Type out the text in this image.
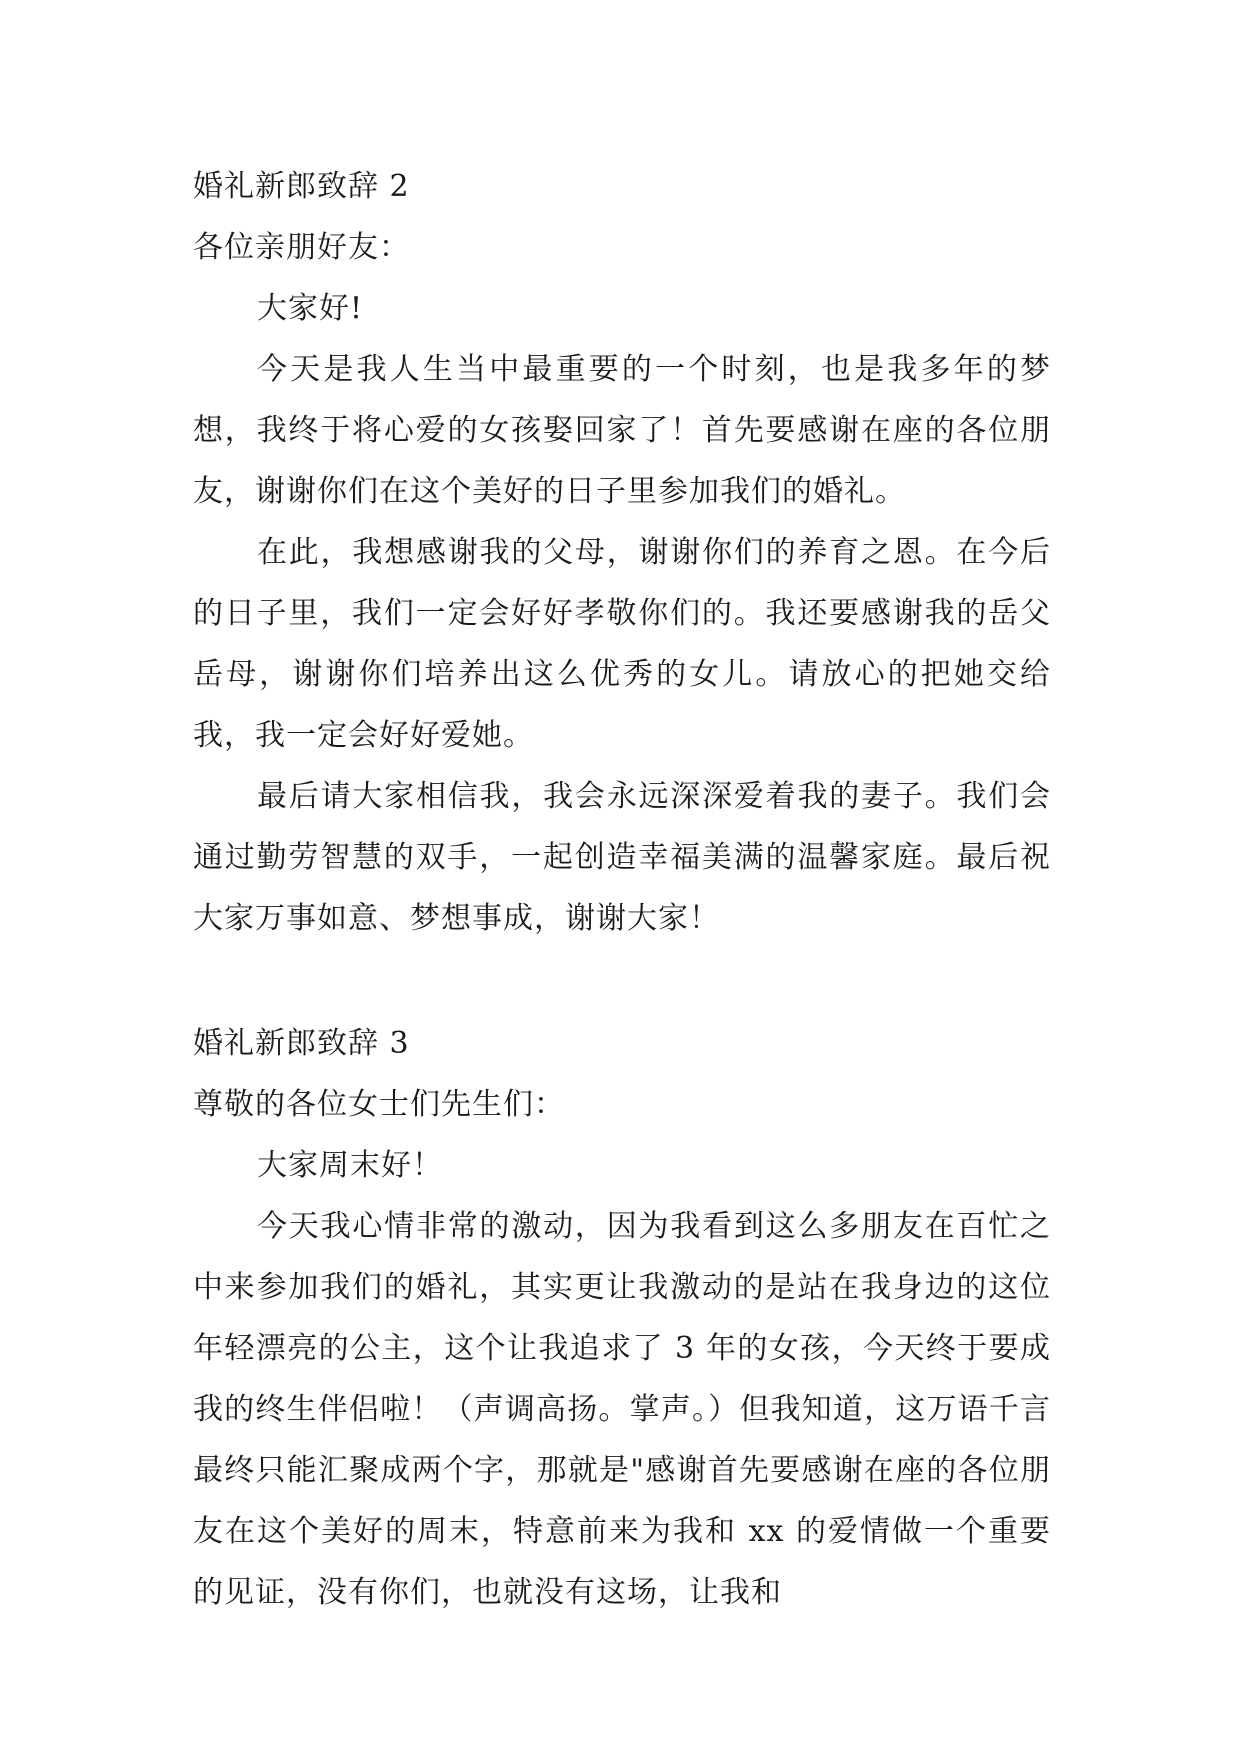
婚礼新郎致辞 2

各位亲朋好友：

大家好!

今天是我人生当中最重要的一个时刻，也是我多年的梦想，我终于将心爱的女孩娶回家了！首先要感谢在座的各位朋友，谢谢你们在这个美好的日子里参加我们的婚礼。

在此，我想感谢我的父母，谢谢你们的养育之恩。在今后的日子里，我们一定会好好孝敬你们的。我还要感谢我的岳父岳母，谢谢你们培养出这么优秀的女儿。请放心的把她交给我，我一定会好好爱她。

最后请大家相信我，我会永远深深爱着我的妻子。我们会通过勤劳智慧的双手，一起创造幸福美满的温馨家庭。最后祝大家万事如意、梦想事成，谢谢大家！

婚礼新郎致辞 3

尊敬的各位女士们先生们：

大家周末好！

今天我心情非常的激动，因为我看到这么多朋友在百忙之中来参加我们的婚礼，其实更让我激动的是站在我身边的这位年轻漂亮的公主，这个让我追求了 3 年的女孩，今天终于要成我的终生伴侣啦！（声调高扬。掌声。）但我知道，这万语千言最终只能汇聚成两个字，那就是"感谢首先要感谢在座的各位朋友在这个美好的周末，特意前来为我和 xx 的爱情做一个重要的见证，没有你们，也就没有这场，让我和
